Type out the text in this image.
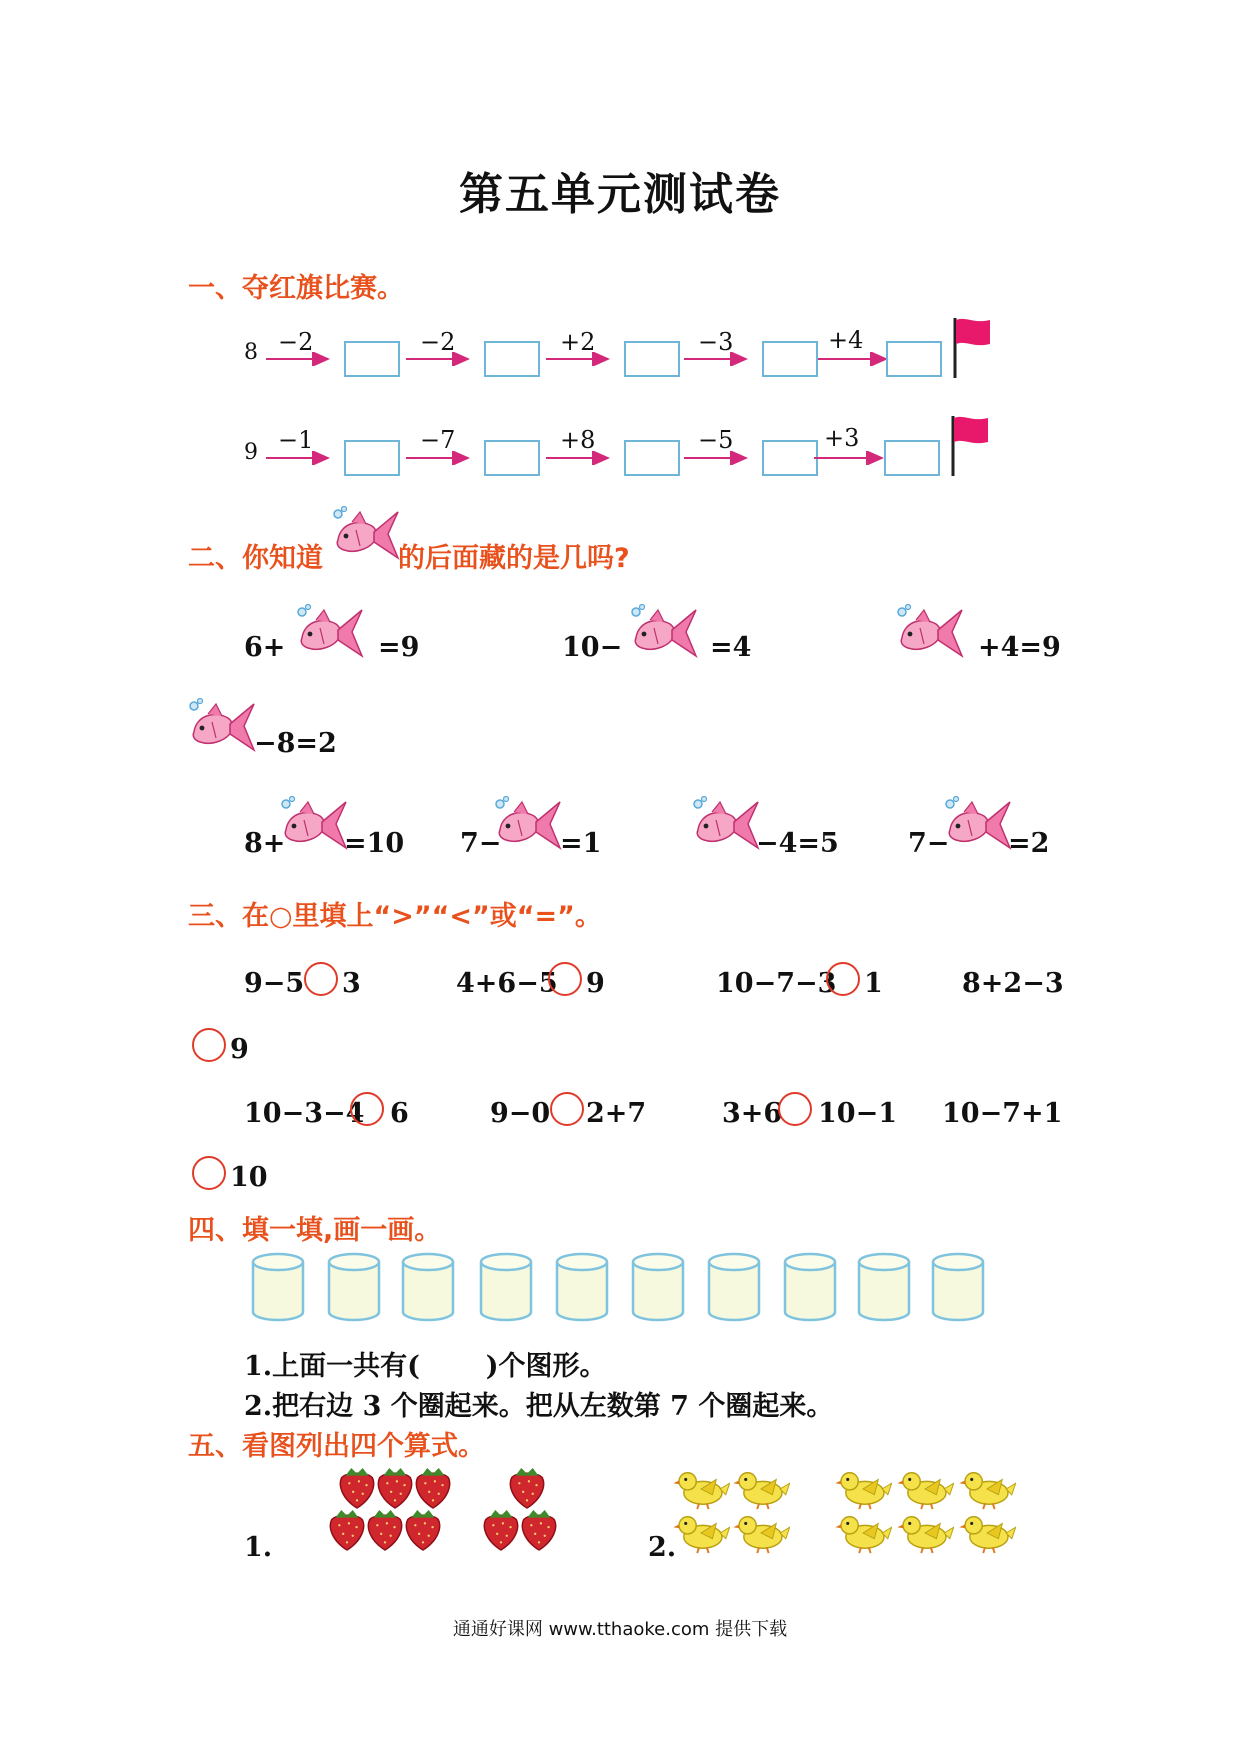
第五单元测试卷
一、夺红旗比赛。
8 −2	−2	+2	−3	+4
9 −1	−7	+8	−5	+3
二、你知道	的后面藏的是几吗?
6+	=9	10−	=4	+4=9
−8=2
8+ =10 7− =1	−4=5	7− =2
三、在○里填上“>”“<”或“=”。
9−5 3	4+6−5 9	10−7−3 1	8+2−3
9
10−3−4 6	9−0 2+7	3+6 10−1 10−7+1
10
四、填一填,画一画。
1.上面一共有(       )个图形。
2.把右边 3 个圈起来。把从左数第 7 个圈起来。
五、看图列出四个算式。
1.	2.
通通好课网 www.tthaoke.com 提供下载
